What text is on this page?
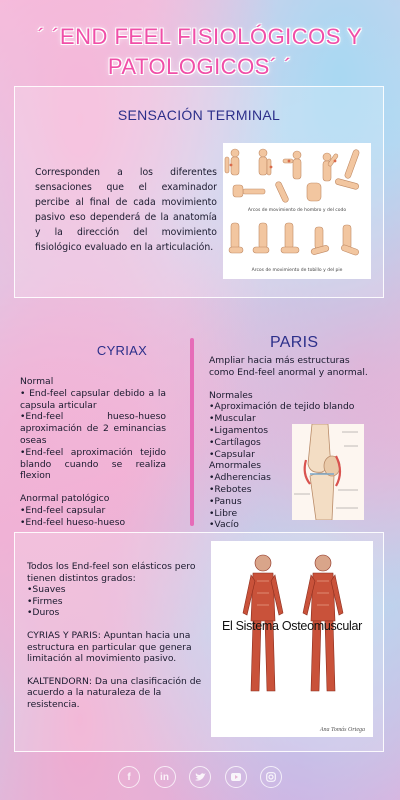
´ ´END FEEL FISIOLÓGICOS Y PATOLOGICOS´ ´
SENSACIÓN TERMINAL
Corresponden a los diferentes sensaciones que el examinador percibe al final de cada movimiento pasivo eso dependerá de la anatomía y la dirección del movimiento fisiológico evaluado en la articulación.
Arcos de movimiento de hombro y del codo
Arcos de movimiento de tobillo y del pie
CYRIAX
Normal

• End-feel capsular debido a la capsula articular

•End-feel hueso-hueso aproximación de 2 eminancias oseas

•End-feel aproximación tejido blando cuando se realiza flexion

Anormal patológico
• End-feel capsular
• End-feel hueso-hueso
PARIS
Ampliar hacia más estructuras como End-feel anormal y anormal.
Normales
• Aproximación de tejido blando
• Muscular
• Ligamentos
• Cartílagos
• Capsular
Amormales
• Adherencias
• Rebotes
• Panus
• Libre
• Vacío

Todos los End-feel son elásticos pero tienen distintos grados:

• Suaves
• Firmes
• Duros

CYRIAS Y PARIS: Apuntan hacia una estructura en particular que genera limitación al movimiento pasivo.

KALTENDORN: Da una clasificación de acuerdo a la naturaleza de la resistencia.

El Sistema Osteomuscular
Ana Tomás Ortega
f	in
